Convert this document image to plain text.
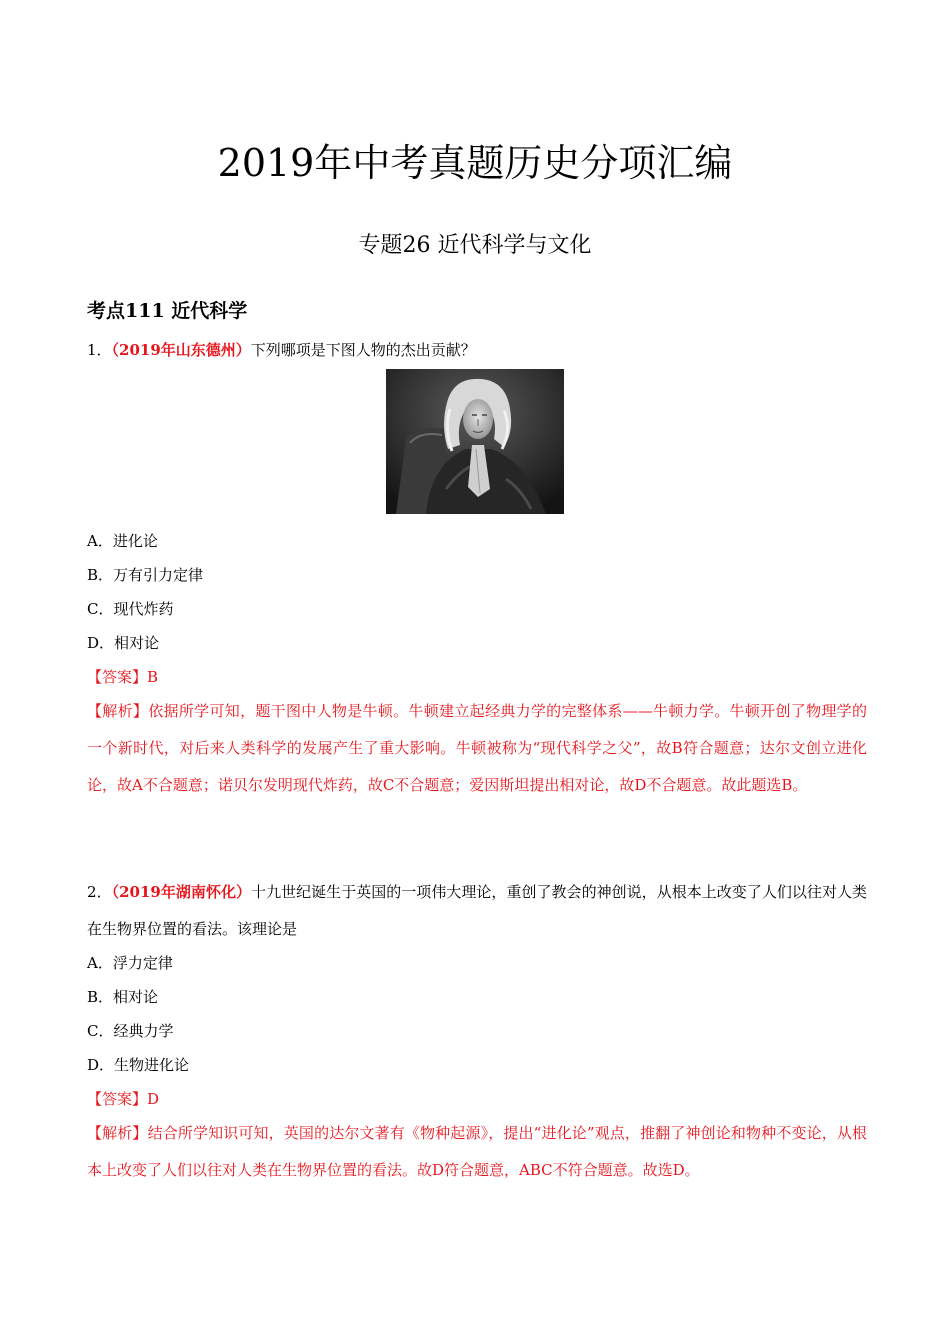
2019年中考真题历史分项汇编
专题26 近代科学与文化
考点111 近代科学
1．（2019年山东德州）下列哪项是下图人物的杰出贡献？
A．进化论
B．万有引力定律
C．现代炸药
D．相对论
【答案】B
【解析】依据所学可知，题干图中人物是牛顿。牛顿建立起经典力学的完整体系——牛顿力学。牛顿开创了物理学的一个新时代，对后来人类科学的发展产生了重大影响。牛顿被称为“现代科学之父”，故B符合题意；达尔文创立进化论，故A不合题意；诺贝尔发明现代炸药，故C不合题意；爱因斯坦提出相对论，故D不合题意。故此题选B。
2．（2019年湖南怀化）十九世纪诞生于英国的一项伟大理论，重创了教会的神创说，从根本上改变了人们以往对人类在生物界位置的看法。该理论是
A．浮力定律
B．相对论
C．经典力学
D．生物进化论
【答案】D
【解析】结合所学知识可知，英国的达尔文著有《物种起源》，提出“进化论”观点，推翻了神创论和物种不变论，从根本上改变了人们以往对人类在生物界位置的看法。故D符合题意，ABC不符合题意。故选D。
